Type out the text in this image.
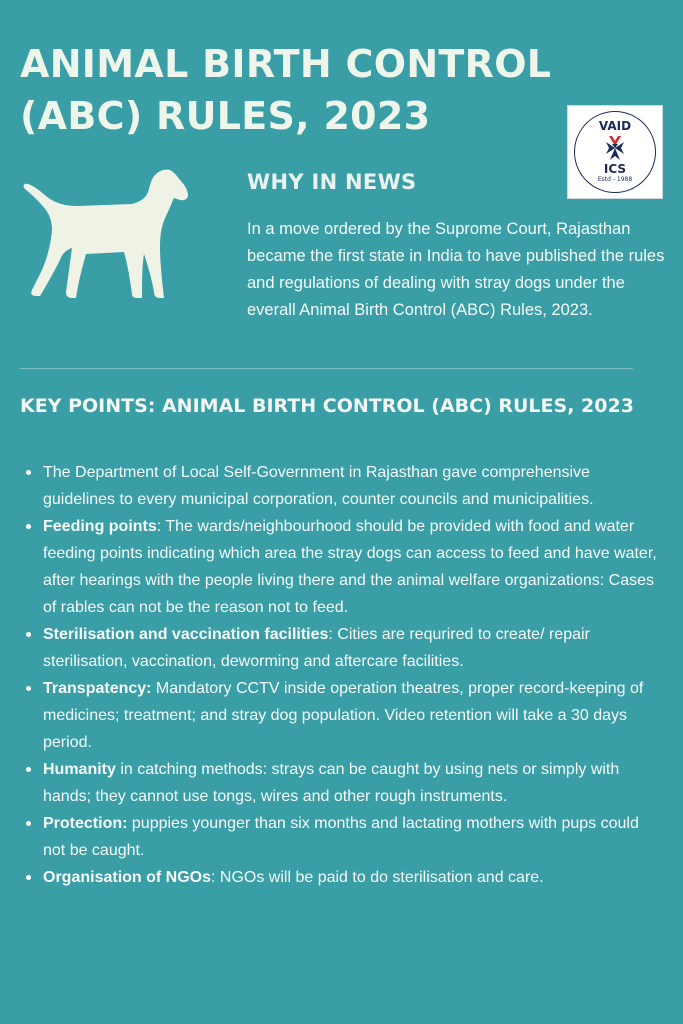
ANIMAL BIRTH CONTROL (ABC) RULES, 2023	VAID
ICS
Estd - 1988
WHY IN NEWS
In a move ordered by the Suprome Court, Rajasthan became the first state in India to have published the rules and regulations of dealing with stray dogs under the everall Animal Birth Control (ABC) Rules, 2023.
KEY POINTS: ANIMAL BIRTH CONTROL (ABC) RULES, 2023
The Department of Local Self-Government in Rajasthan gave comprehensive guidelines to every municipal corporation, counter councils and municipalities.
Feeding points: The wards/neighbourhood should be provided with food and water feeding points indicating which area the stray dogs can access to feed and have water, after hearings with the people living there and the animal welfare organizations: Cases of rables can not be the reason not to feed.
Sterilisation and vaccination facilities: Cities are requrired to create/ repair sterilisation, vaccination, deworming and aftercare facilities.
Transpatency: Mandatory CCTV inside operation theatres, proper record-keeping of medicines; treatment; and stray dog population. Video retention will take a 30 days period.
Humanity in catching methods: strays can be caught by using nets or simply with hands; they cannot use tongs, wires and other rough instruments.
Protection: puppies younger than six months and lactating mothers with pups could not be caught.
Organisation of NGOs: NGOs will be paid to do sterilisation and care.
